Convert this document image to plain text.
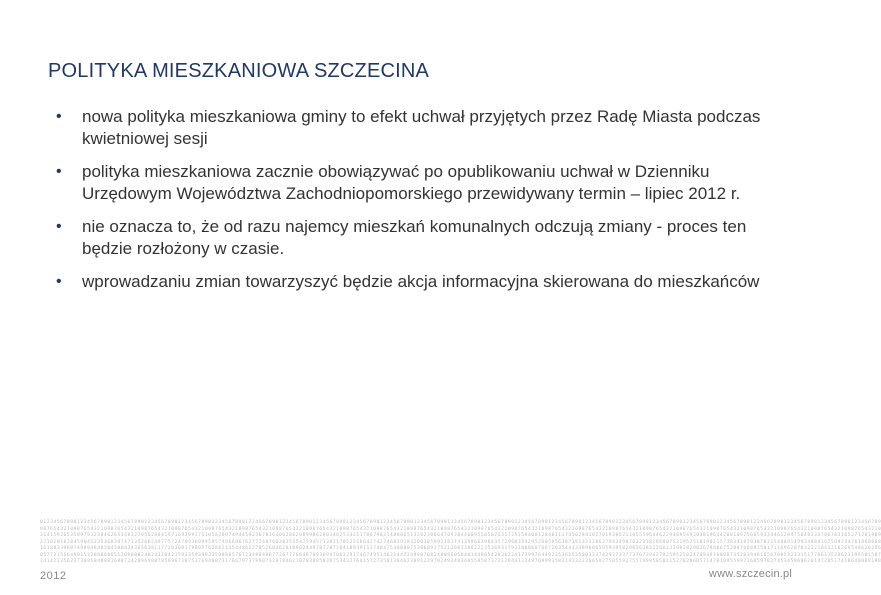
POLITYKA MIESZKANIOWA SZCZECINA
•	nowa polityka mieszkaniowa gminy to efekt uchwał przyjętych przez Radę Miasta podczas kwietniowej sesji
•	polityka mieszkaniowa zacznie obowiązywać po opublikowaniu uchwał w Dzienniku Urzędowym Województwa Zachodniopomorskiego przewidywany termin – lipiec 2012 r.
•	nie oznacza to, że od razu najemcy mieszkań komunalnych odczują zmiany - proces ten będzie rozłożony w czasie.
•	wprowadzaniu zmian towarzyszyć będzie akcja informacyjna skierowana do mieszkańców
0123456789012345678901234567890123456789012345678901234567890123456789012345678901234567890123456789012345678901234567890123456789012345678901234567890123456789012345678901234567890123456789012345678901234567890123456789012345678901234567890123456789
9876543210987654321098765432109876543210987654321098765432109876543210987654321098765432109876543210987654321098765432109876543210987654321098765432109876543210987654321098765432109876543210987654321098765432109876543210987654321098765432109876543210
3141592653589793238462643383279502884197169399375105820974944592307816406286208998628034825342117067982148086513282306647093844609550582231725359408128481117450284102701938521105559644622948954930381964428810975665933446128475648233786783165271201909
2718281828459045235360287471352662497757247093699959574966967627724076630353547594571382178525166427427466391932003059921817413596629043572900334295260595630738132328627943490763233829880753195251019011573834187930702154089149934884167509244761460668
1618033988749894848204586834365638117720309179805762862135448622705260462818902449707207204189391137484754088075386891752126633862223536931793180060766726354433389086595939582905638322661319928290267880675208766892501711696207032221043216269548626296
0577215664901532860606512090082402431042159335939923598805767234884867726777664670936947063291746749514631447249807082480960504014486542836224173997644923536253500333742937337737673942792595258247094916008735203948165670853233151776611528621199501507
1414213562373095048801688724209698078569671875376948073176679737990732478462107038850387534327641572735013846230912297024924836055850737212644121497099935831413222665927505592755799950501152782060571470109559971605970274534596862014728517418640889198
2012	www.szczecin.pl
